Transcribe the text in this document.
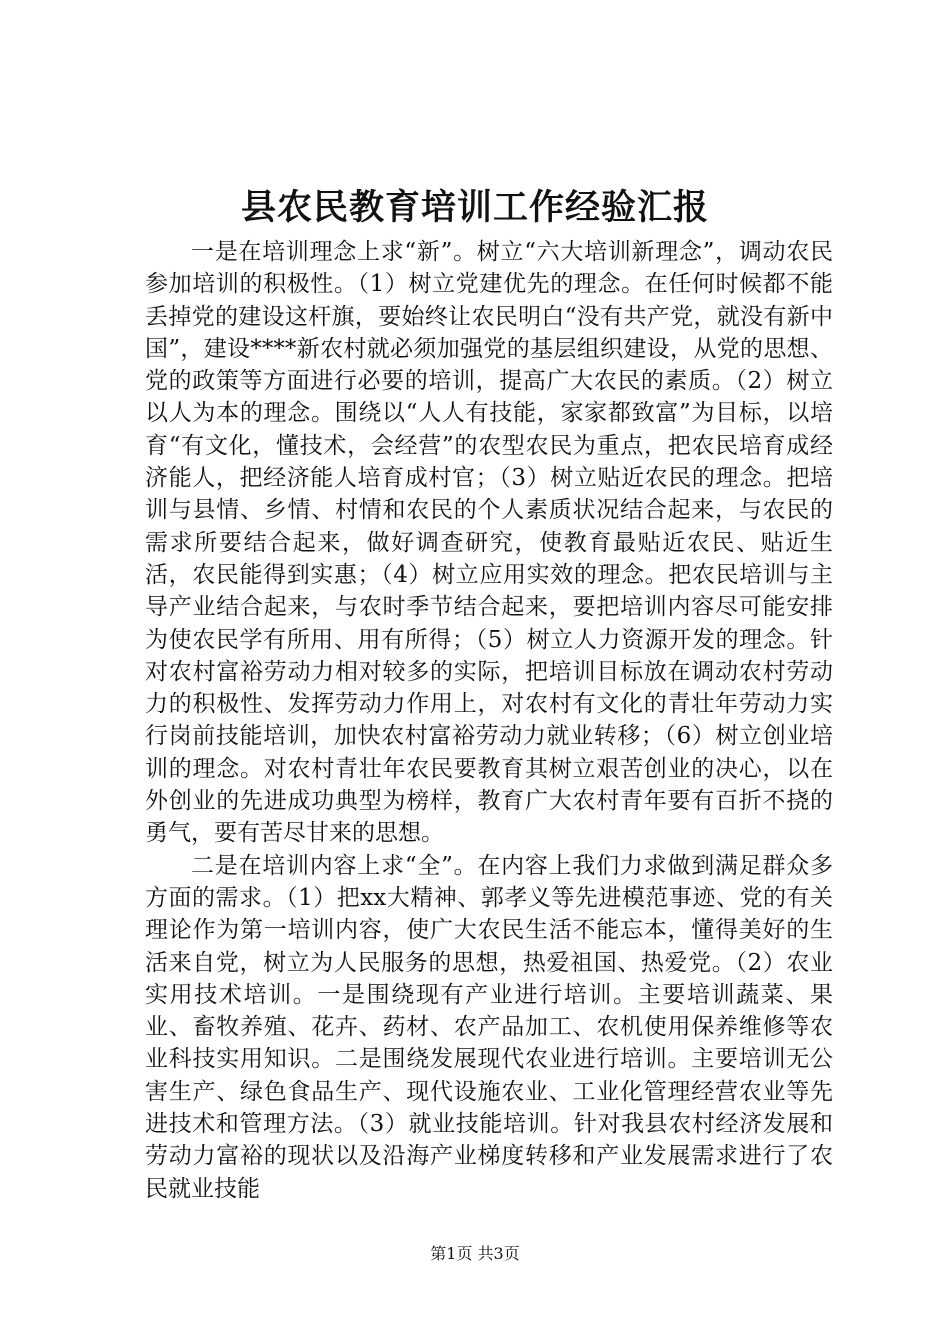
县农民教育培训工作经验汇报

一是在培训理念上求“新”。树立“六大培训新理念”，调动农民参加培训的积极性。（1）树立党建优先的理念。在任何时候都不能丢掉党的建设这杆旗，要始终让农民明白“没有共产党，就没有新中国”，建设****新农村就必须加强党的基层组织建设，从党的思想、党的政策等方面进行必要的培训，提高广大农民的素质。（2）树立以人为本的理念。围绕以“人人有技能，家家都致富”为目标，以培育“有文化，懂技术，会经营”的农型农民为重点，把农民培育成经济能人，把经济能人培育成村官；（3）树立贴近农民的理念。把培训与县情、乡情、村情和农民的个人素质状况结合起来，与农民的需求所要结合起来，做好调查研究，使教育最贴近农民、贴近生活，农民能得到实惠；（4）树立应用实效的理念。把农民培训与主导产业结合起来，与农时季节结合起来，要把培训内容尽可能安排为使农民学有所用、用有所得；（5）树立人力资源开发的理念。针对农村富裕劳动力相对较多的实际，把培训目标放在调动农村劳动力的积极性、发挥劳动力作用上，对农村有文化的青壮年劳动力实行岗前技能培训，加快农村富裕劳动力就业转移；（6）树立创业培训的理念。对农村青壮年农民要教育其树立艰苦创业的决心，以在外创业的先进成功典型为榜样，教育广大农村青年要有百折不挠的勇气，要有苦尽甘来的思想。

二是在培训内容上求“全”。在内容上我们力求做到满足群众多方面的需求。（1）把xx大精神、郭孝义等先进模范事迹、党的有关理论作为第一培训内容，使广大农民生活不能忘本，懂得美好的生活来自党，树立为人民服务的思想，热爱祖国、热爱党。（2）农业实用技术培训。一是围绕现有产业进行培训。主要培训蔬菜、果业、畜牧养殖、花卉、药材、农产品加工、农机使用保养维修等农业科技实用知识。二是围绕发展现代农业进行培训。主要培训无公害生产、绿色食品生产、现代设施农业、工业化管理经营农业等先进技术和管理方法。（3）就业技能培训。针对我县农村经济发展和劳动力富裕的现状以及沿海产业梯度转移和产业发展需求进行了农民就业技能

第1页 共3页
